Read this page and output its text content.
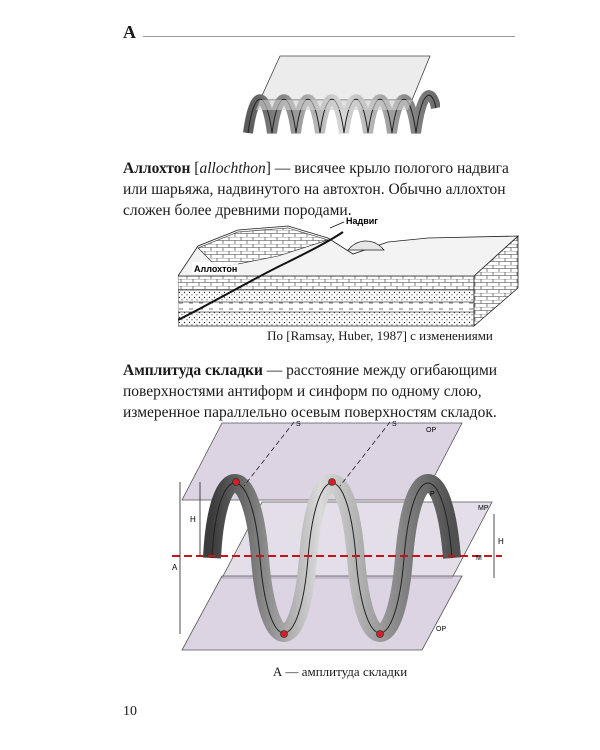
А

Аллохтон [allochthon] — висячее крыло пологого надвига или шарьяжа, надвинутого на автохтон. Обычно аллохтон сложен более древними породами.

Надвиг
Аллохтон
По [Ramsay, Huber, 1987] с изменениями

Амплитуда складки — расстояние между огибающими поверхностями антиформ и синформ по одному слою, измеренное параллельно осевым поверхностям складок.

S	S
OP
OP
MP
M
P
H
H
A
А — амплитуда складки
10
